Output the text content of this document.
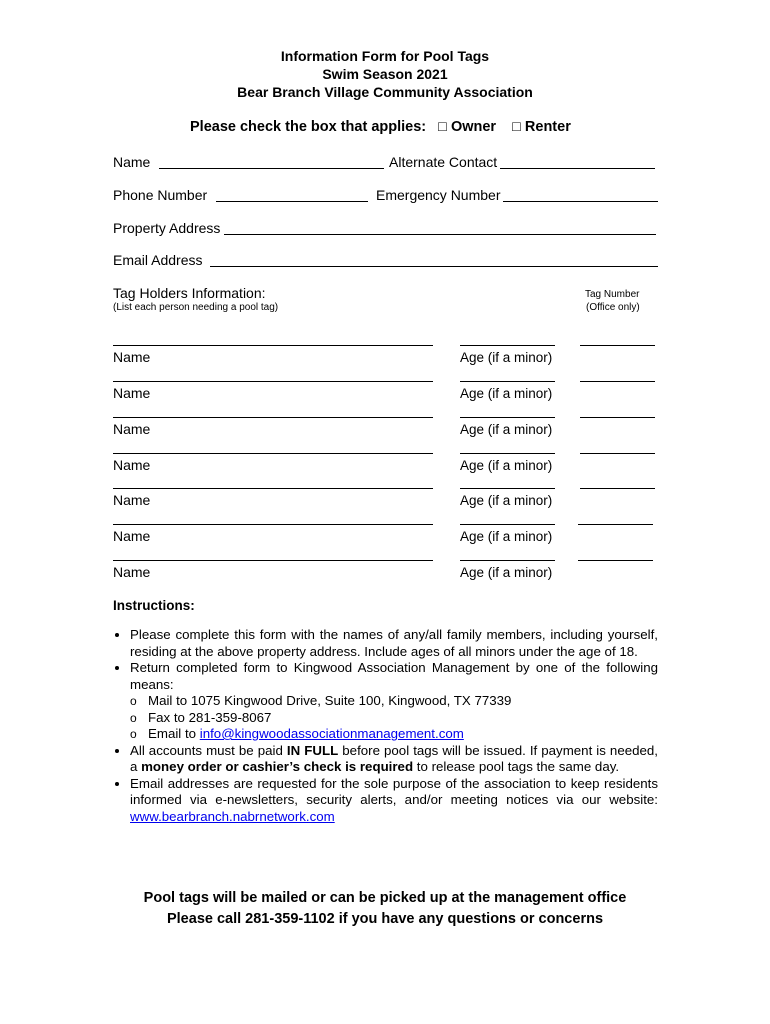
Information Form for Pool Tags
Swim Season 2021
Bear Branch Village Community Association
Please check the box that applies: □ Owner □ Renter
Name	Alternate Contact
Phone Number	Emergency Number
Property Address
Email Address
Tag Holders Information:
(List each person needing a pool tag)
Tag Number
(Office only)
Name	Age (if a minor)
Name	Age (if a minor)
Name	Age (if a minor)
Name	Age (if a minor)
Name	Age (if a minor)
Name	Age (if a minor)
Name	Age (if a minor)
Instructions:
• Please complete this form with the names of any/all family members, including yourself, residing at the above property address. Include ages of all minors under the age of 18.
• Return completed form to Kingwood Association Management by one of the following means:
o Mail to 1075 Kingwood Drive, Suite 100, Kingwood, TX 77339
o Fax to 281-359-8067
o Email to info@kingwoodassociationmanagement.com
• All accounts must be paid IN FULL before pool tags will be issued. If payment is needed, a money order or cashier’s check is required to release pool tags the same day.
• Email addresses are requested for the sole purpose of the association to keep residents informed via e-newsletters, security alerts, and/or meeting notices via our website: www.bearbranch.nabrnetwork.com
Pool tags will be mailed or can be picked up at the management office
Please call 281-359-1102 if you have any questions or concerns
